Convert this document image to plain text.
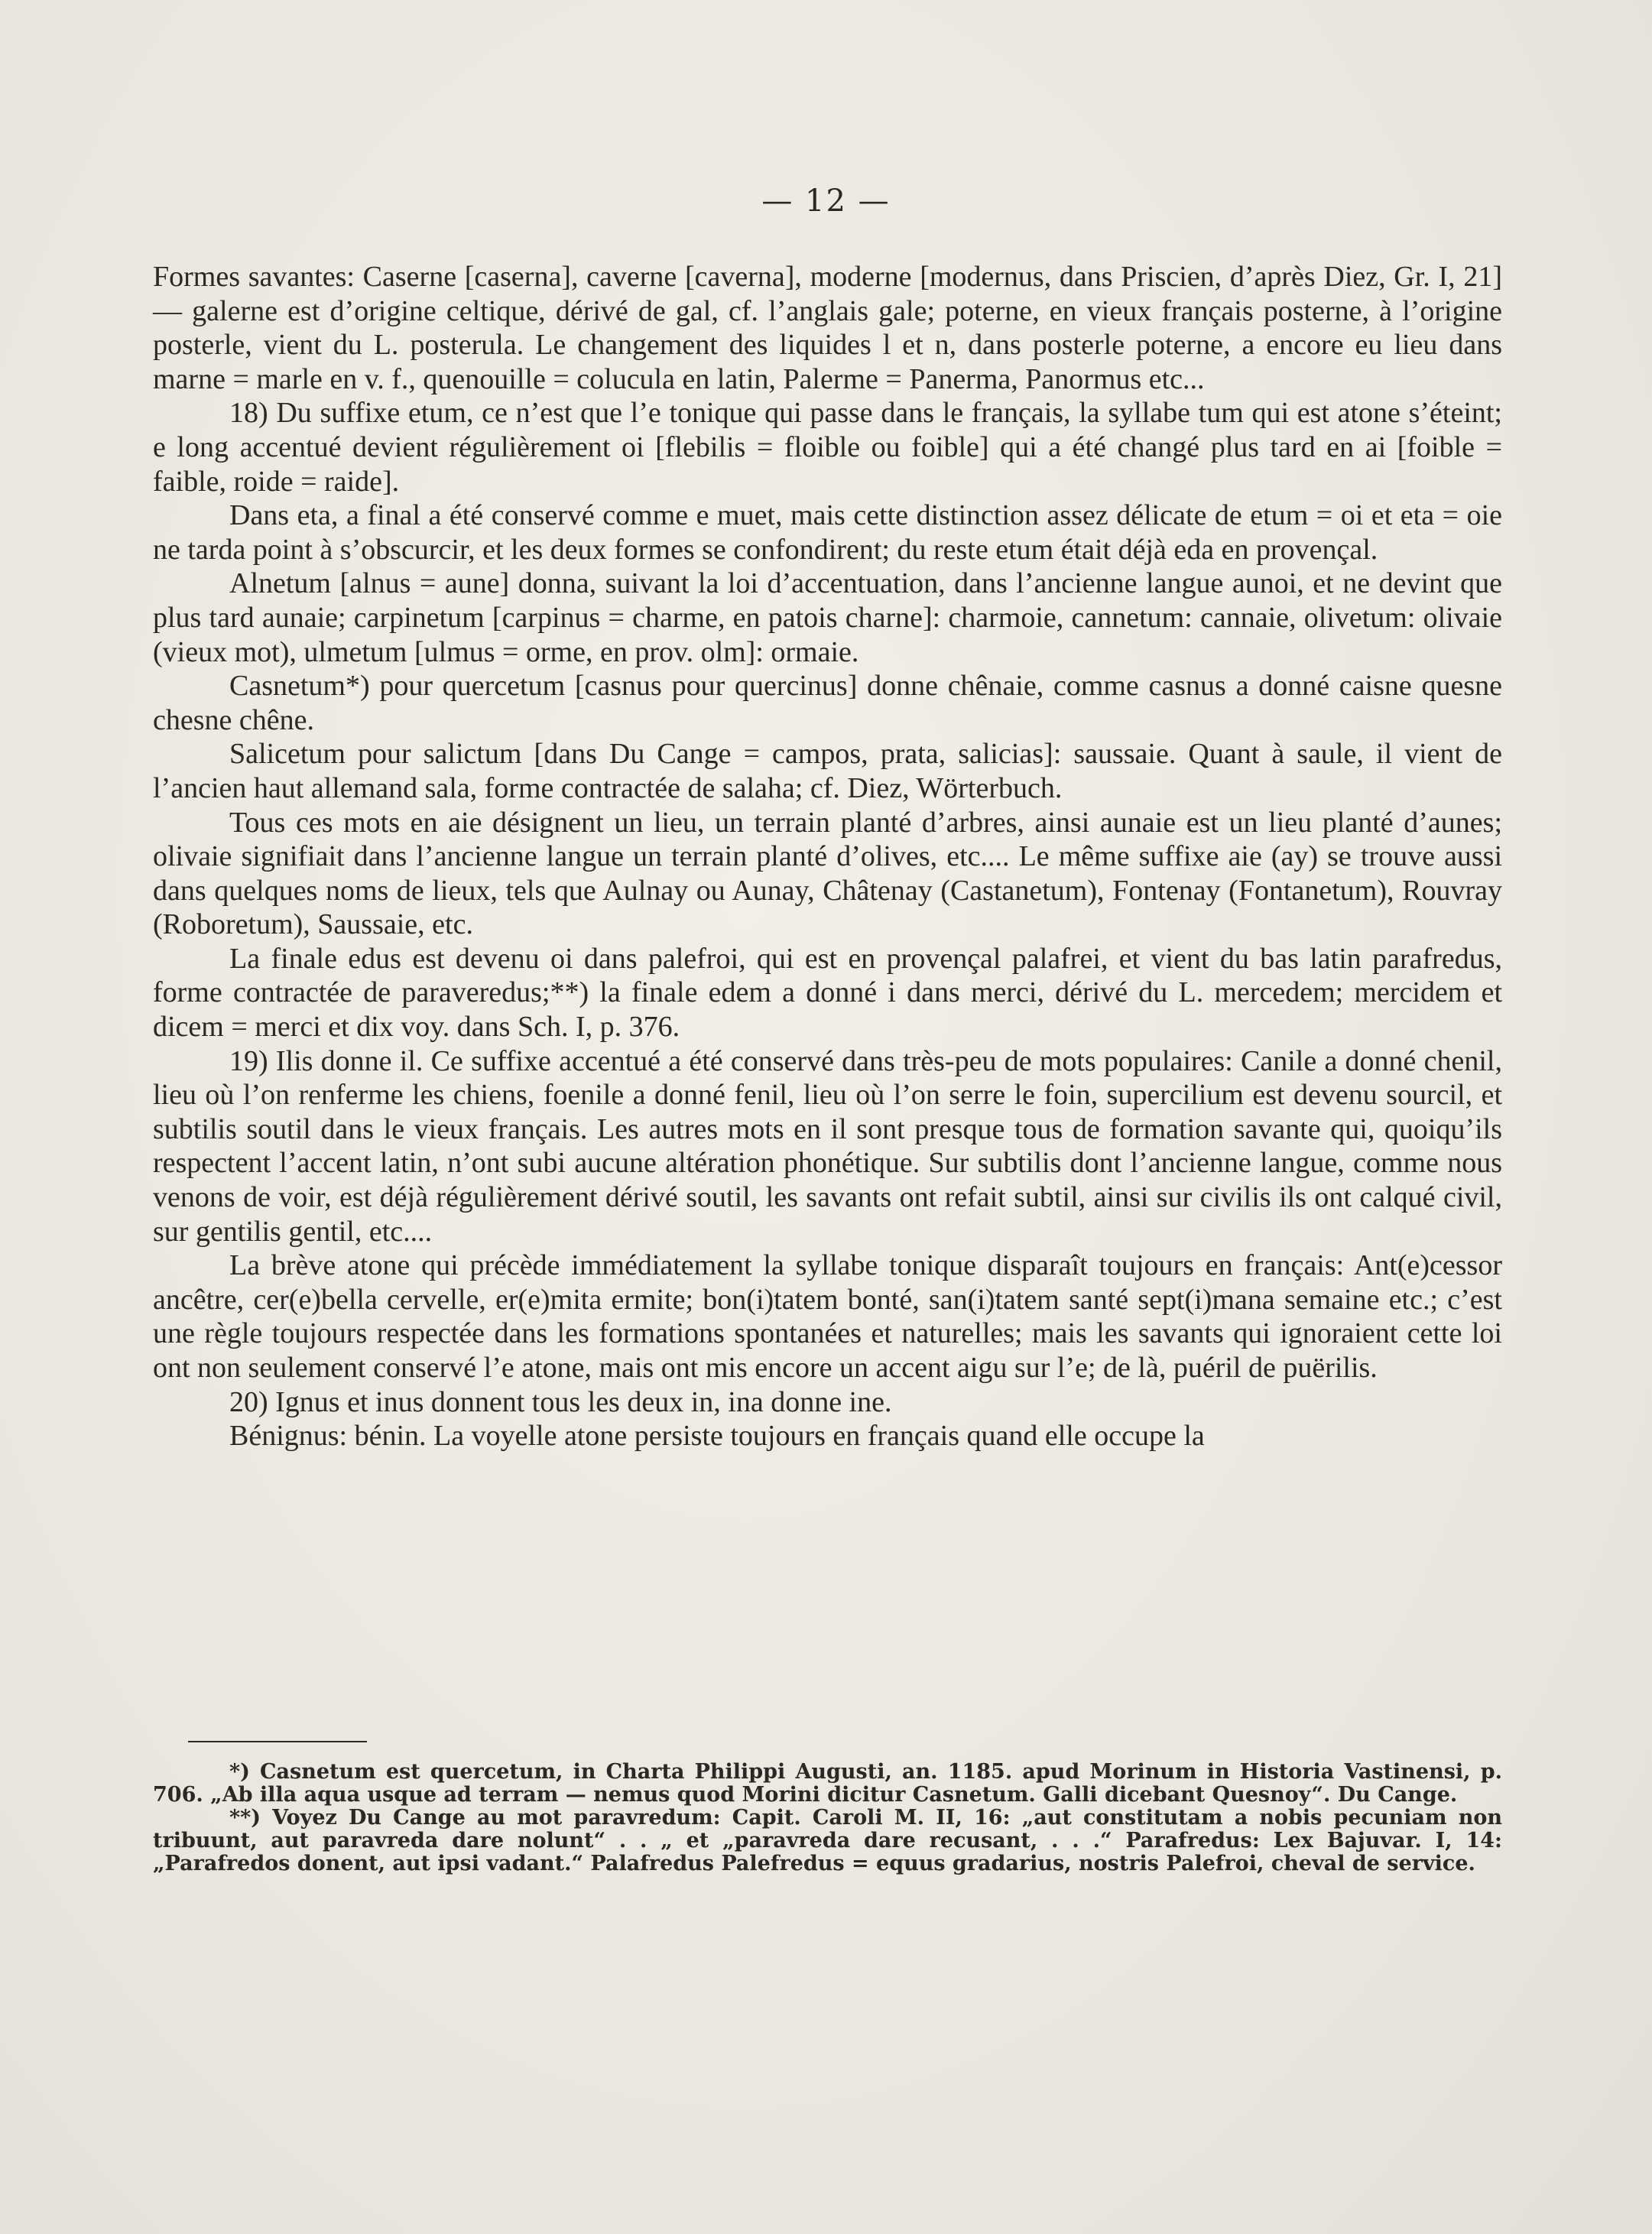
— 12 —

Formes savantes: Caserne [caserna], caverne [caverna], moderne [modernus, dans Priscien, d’après Diez, Gr. I, 21] — galerne est d’origine celtique, dérivé de gal, cf. l’anglais gale; poterne, en vieux français posterne, à l’origine posterle, vient du L. posterula. Le changement des liquides l et n, dans posterle poterne, a encore eu lieu dans marne = marle en v. f., quenouille = colucula en latin, Palerme = Panerma, Panormus etc...

18) Du suffixe etum, ce n’est que l’e tonique qui passe dans le français, la syllabe tum qui est atone s’éteint; e long accentué devient régulièrement oi [flebilis = floible ou foible] qui a été changé plus tard en ai [foible = faible, roide = raide].

Dans eta, a final a été conservé comme e muet, mais cette distinction assez délicate de etum = oi et eta = oie ne tarda point à s’obscurcir, et les deux formes se confondirent; du reste etum était déjà eda en provençal.

Alnetum [alnus = aune] donna, suivant la loi d’accentuation, dans l’ancienne langue aunoi, et ne devint que plus tard aunaie; carpinetum [carpinus = charme, en patois charne]: charmoie, cannetum: cannaie, olivetum: olivaie (vieux mot), ulmetum [ulmus = orme, en prov. olm]: ormaie.

Casnetum*) pour quercetum [casnus pour quercinus] donne chênaie, comme casnus a donné caisne quesne chesne chêne.

Salicetum pour salictum [dans Du Cange = campos, prata, salicias]: saussaie. Quant à saule, il vient de l’ancien haut allemand sala, forme contractée de salaha; cf. Diez, Wörterbuch.

Tous ces mots en aie désignent un lieu, un terrain planté d’arbres, ainsi aunaie est un lieu planté d’aunes; olivaie signifiait dans l’ancienne langue un terrain planté d’olives, etc.... Le même suffixe aie (ay) se trouve aussi dans quelques noms de lieux, tels que Aulnay ou Aunay, Châtenay (Castanetum), Fontenay (Fontanetum), Rouvray (Roboretum), Saussaie, etc.

La finale edus est devenu oi dans palefroi, qui est en provençal palafrei, et vient du bas latin parafredus, forme contractée de paraveredus;**) la finale edem a donné i dans merci, dérivé du L. mercedem; mercidem et dicem = merci et dix voy. dans Sch. I, p. 376.

19) Ilis donne il. Ce suffixe accentué a été conservé dans très-peu de mots populaires: Canile a donné chenil, lieu où l’on renferme les chiens, foenile a donné fenil, lieu où l’on serre le foin, supercilium est devenu sourcil, et subtilis soutil dans le vieux français. Les autres mots en il sont presque tous de formation savante qui, quoiqu’ils respectent l’accent latin, n’ont subi aucune altération phonétique. Sur subtilis dont l’ancienne langue, comme nous venons de voir, est déjà régulièrement dérivé soutil, les savants ont refait subtil, ainsi sur civilis ils ont calqué civil, sur gentilis gentil, etc....

La brève atone qui précède immédiatement la syllabe tonique disparaît toujours en français: Ant(e)cessor ancêtre, cer(e)bella cervelle, er(e)mita ermite; bon(i)tatem bonté, san(i)tatem santé sept(i)mana semaine etc.; c’est une règle toujours respectée dans les formations spontanées et naturelles; mais les savants qui ignoraient cette loi ont non seulement conservé l’e atone, mais ont mis encore un accent aigu sur l’e; de là, puéril de puërilis.

20) Ignus et inus donnent tous les deux in, ina donne ine.

Bénignus: bénin. La voyelle atone persiste toujours en français quand elle occupe la

*) Casnetum est quercetum, in Charta Philippi Augusti, an. 1185. apud Morinum in Historia Vastinensi, p. 706. „Ab illa aqua usque ad terram — nemus quod Morini dicitur Casnetum. Galli dicebant Quesnoy“. Du Cange.

**) Voyez Du Cange au mot paravredum: Capit. Caroli M. II, 16: „aut constitutam a nobis pecuniam non tribuunt, aut paravreda dare nolunt“ . . „ et „paravreda dare recusant, . . .“ Parafredus: Lex Bajuvar. I, 14: „Parafredos donent, aut ipsi vadant.“ Palafredus Palefredus = equus gradarius, nostris Palefroi, cheval de service.
